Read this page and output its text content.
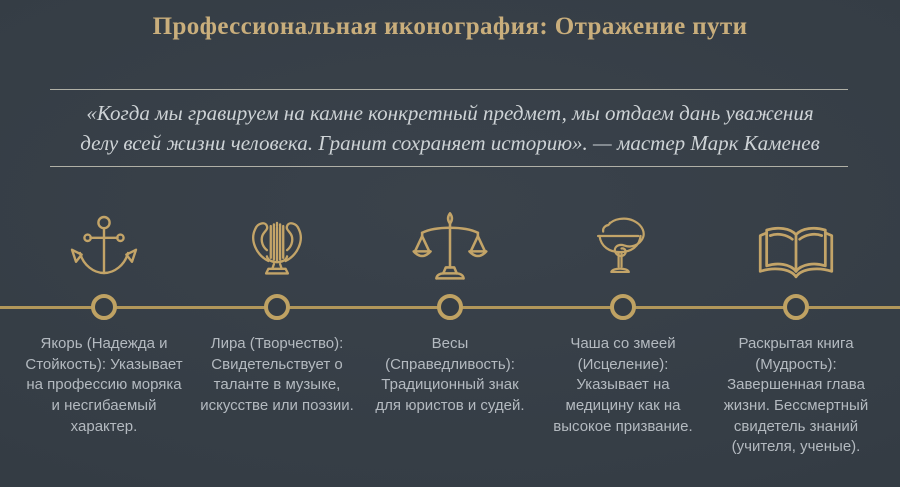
Профессиональная иконография: Отражение пути

«Когда мы гравируем на камне конкретный предмет, мы отдаем дань уважения
делу всей жизни человека. Гранит сохраняет историю». — мастер Марк Каменев

Якорь (Надежда и Стойкость): Указывает на профессию моряка и несгибаемый характер.

Лира (Творчество): Свидетельствует о таланте в музыке, искусстве или поэзии.

Весы (Справедливость): Традиционный знак для юристов и судей.

Чаша со змеей (Исцеление): Указывает на медицину как на высокое призвание.

Раскрытая книга (Мудрость): Завершенная глава жизни. Бессмертный свидетель знаний (учителя, ученые).
